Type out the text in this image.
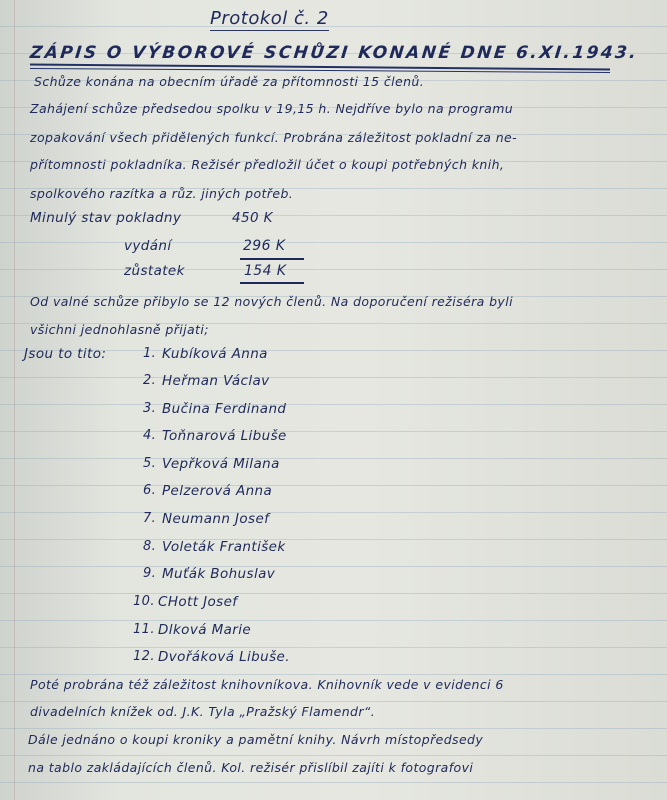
Protokol č. 2
ZÁPIS O VÝBOROVÉ SCHŮZI KONANÉ DNE 6.XI.1943.
Schůze konána na obecním úřadě za přítomnosti 15 členů.
Zahájení schůze předsedou spolku v 19,15 h. Nejdříve bylo na programu
zopakování všech přidělených funkcí. Probrána záležitost pokladní za ne-
přítomnosti pokladníka. Režisér předložil účet o koupi potřebných knih,
spolkového razítka a růz. jiných potřeb.
Minulý stav pokladny	450 K
vydání	296 K
zůstatek	154 K
Od valné schůze přibylo se 12 nových členů. Na doporučení režiséra byli
všichni jednohlasně přijati;
Jsou to tito:	1. Kubíková Anna
2. Heřman Václav
3. Bučina Ferdinand
4. Toňnarová Libuše
5. Vepřková Milana
6. Pelzerová Anna
7. Neumann Josef
8. Voleták František
9. Muťák Bohuslav
10. CHott Josef
11. Dlková Marie
12. Dvořáková Libuše.
Poté probrána též záležitost knihovníkova. Knihovník vede v evidenci 6
divadelních knížek od. J.K. Tyla „Pražský Flamendr“.
Dále jednáno o koupi kroniky a pamětní knihy. Návrh místopředsedy
na tablo zakládajících členů. Kol. režisér přislíbil zajíti k fotografovi
